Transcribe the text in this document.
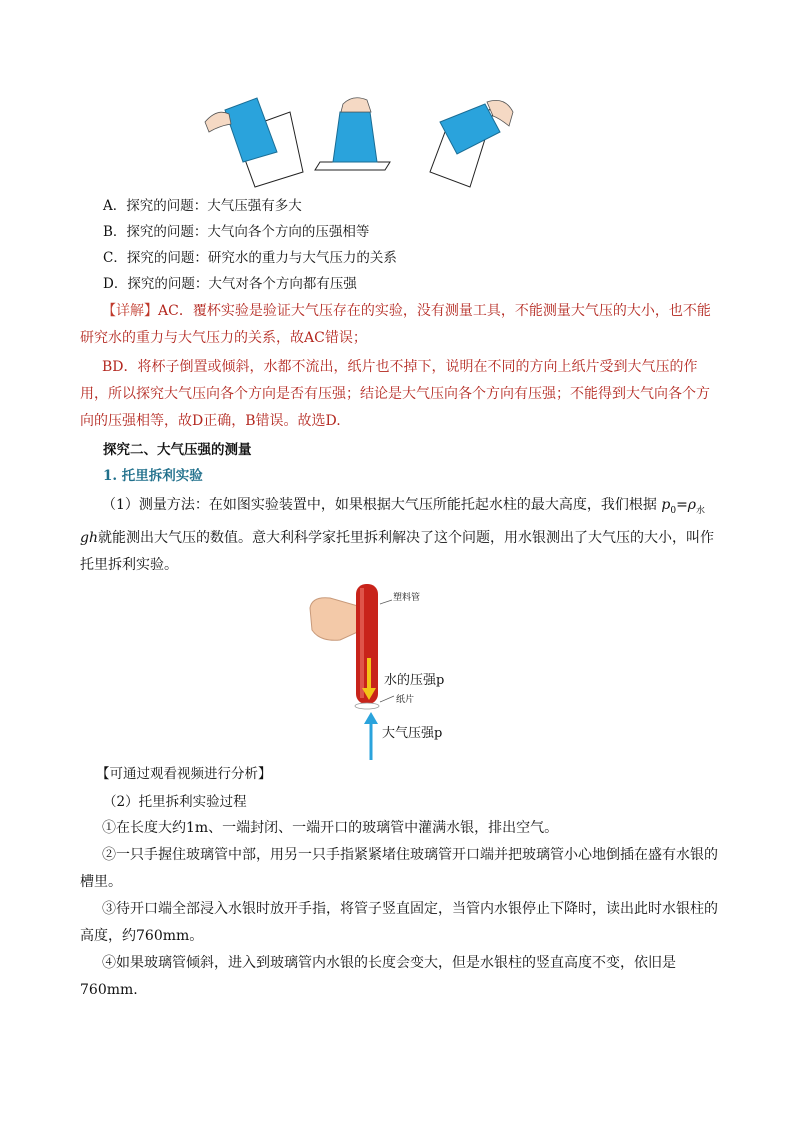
A．探究的问题：大气压强有多大
B．探究的问题：大气向各个方向的压强相等
C．探究的问题：研究水的重力与大气压力的关系
D．探究的问题：大气对各个方向都有压强
【详解】AC．覆杯实验是验证大气压存在的实验，没有测量工具，不能测量大气压的大小，也不能研究水的重力与大气压力的关系，故AC错误；
BD．将杯子倒置或倾斜，水都不流出，纸片也不掉下，说明在不同的方向上纸片受到大气压的作用，所以探究大气压向各个方向是否有压强；结论是大气压向各个方向有压强；不能得到大气向各个方向的压强相等，故D正确，B错误。故选D.
探究二、大气压强的测量
1. 托里拆利实验
（1）测量方法：在如图实验装置中，如果根据大气压所能托起水柱的最大高度，我们根据 $p_0=\rho_水gh$就能测出大气压的数值。意大利科学家托里拆利解决了这个问题，用水银测出了大气压的大小，叫作托里拆利实验。
塑料管
水的压强p
纸片
大气压强p
【可通过观看视频进行分析】
（2）托里拆利实验过程
①在长度大约1m、一端封闭、一端开口的玻璃管中灌满水银，排出空气。
②一只手握住玻璃管中部，用另一只手指紧紧堵住玻璃管开口端并把玻璃管小心地倒插在盛有水银的槽里。
③待开口端全部浸入水银时放开手指，将管子竖直固定，当管内水银停止下降时，读出此时水银柱的高度，约760mm。
④如果玻璃管倾斜，进入到玻璃管内水银的长度会变大，但是水银柱的竖直高度不变，依旧是760mm.
